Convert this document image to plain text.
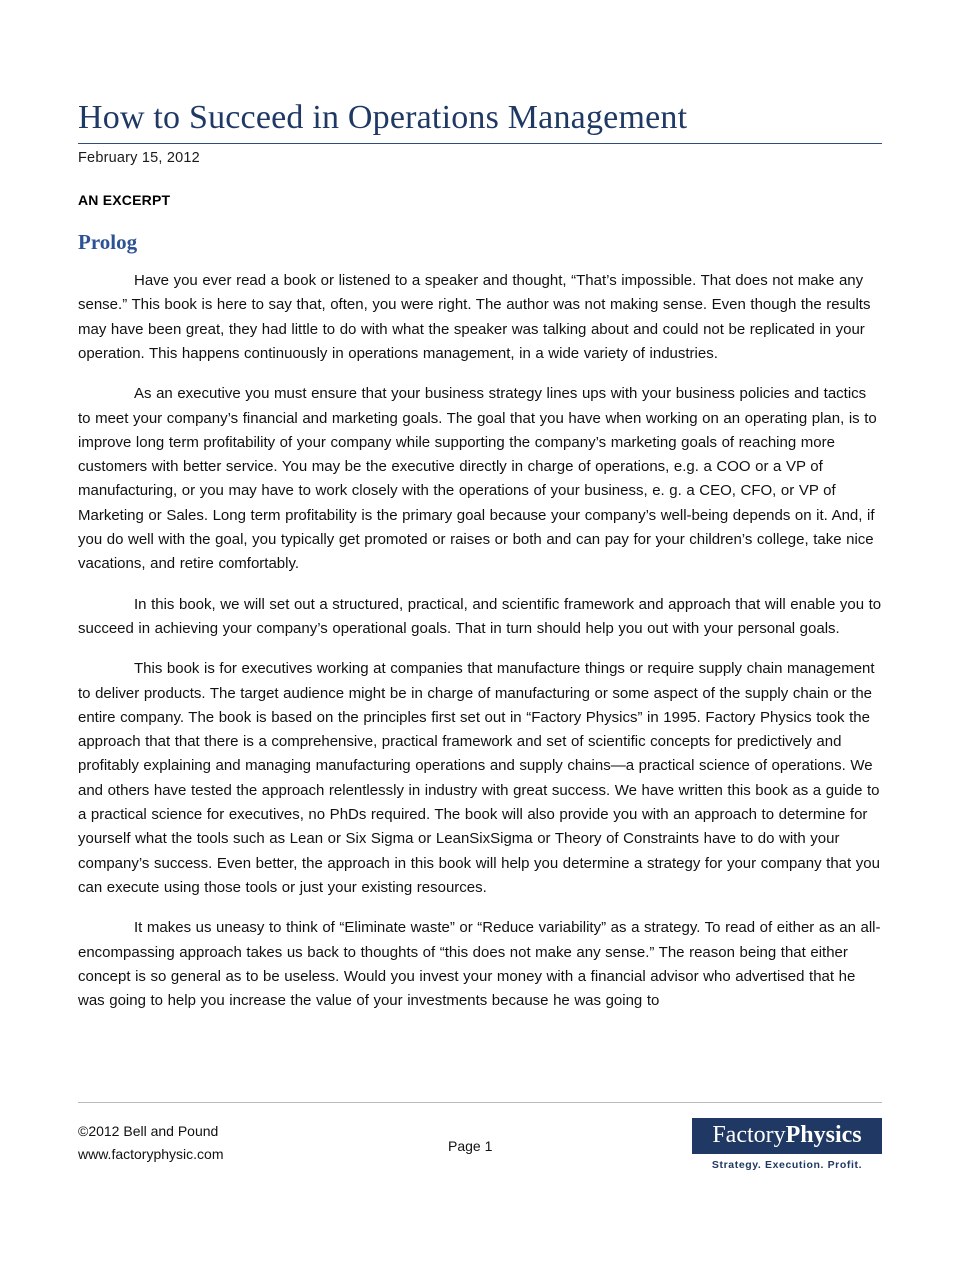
How to Succeed in Operations Management
February 15, 2012
AN EXCERPT
Prolog

Have you ever read a book or listened to a speaker and thought, “That’s impossible. That does not make any sense.” This book is here to say that, often, you were right. The author was not making sense. Even though the results may have been great, they had little to do with what the speaker was talking about and could not be replicated in your operation. This happens continuously in operations management, in a wide variety of industries.

As an executive you must ensure that your business strategy lines ups with your business policies and tactics to meet your company’s financial and marketing goals. The goal that you have when working on an operating plan, is to improve long term profitability of your company while supporting the company’s marketing goals of reaching more customers with better service. You may be the executive directly in charge of operations, e.g. a COO or a VP of manufacturing, or you may have to work closely with the operations of your business, e. g. a CEO, CFO, or VP of Marketing or Sales. Long term profitability is the primary goal because your company’s well-being depends on it. And, if you do well with the goal, you typically get promoted or raises or both and can pay for your children’s college, take nice vacations, and retire comfortably.

In this book, we will set out a structured, practical, and scientific framework and approach that will enable you to succeed in achieving your company’s operational goals. That in turn should help you out with your personal goals.

This book is for executives working at companies that manufacture things or require supply chain management to deliver products. The target audience might be in charge of manufacturing or some aspect of the supply chain or the entire company. The book is based on the principles first set out in “Factory Physics” in 1995. Factory Physics took the approach that that there is a comprehensive, practical framework and set of scientific concepts for predictively and profitably explaining and managing manufacturing operations and supply chains—a practical science of operations. We and others have tested the approach relentlessly in industry with great success. We have written this book as a guide to a practical science for executives, no PhDs required. The book will also provide you with an approach to determine for yourself what the tools such as Lean or Six Sigma or LeanSixSigma or Theory of Constraints have to do with your company’s success. Even better, the approach in this book will help you determine a strategy for your company that you can execute using those tools or just your existing resources.

It makes us uneasy to think of “Eliminate waste” or “Reduce variability” as a strategy. To read of either as an all-encompassing approach takes us back to thoughts of “this does not make any sense.” The reason being that either concept is so general as to be useless. Would you invest your money with a financial advisor who advertised that he was going to help you increase the value of your investments because he was going to

©2012 Bell and Pound
www.factoryphysic.com
Page 1	FactoryPhysics
Strategy. Execution. Profit.
